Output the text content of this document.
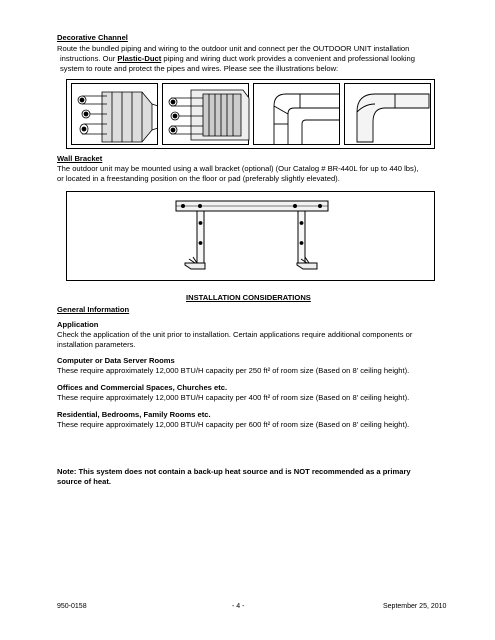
Decorative Channel
Route the bundled piping and wiring to the outdoor unit and connect per the OUTDOOR UNIT installation
instructions. Our Plastic-Duct piping and wiring duct work provides a convenient and professional looking
system to route and protect the pipes and wires. Please see the illustrations below:
Wall Bracket
The outdoor unit may be mounted using a wall bracket (optional) (Our Catalog # BR-440L for up to 440 lbs),
or located in a freestanding position on the floor or pad (preferably slightly elevated).
INSTALLATION CONSIDERATIONS
General Information
Application
Check the application of the unit prior to installation. Certain applications require additional components or
installation parameters.
Computer or Data Server Rooms
These require approximately 12,000 BTU/H capacity per 250 ft² of room size (Based on 8' ceiling height).
Offices and Commercial Spaces, Churches etc.
These require approximately 12,000 BTU/H capacity per 400 ft² of room size (Based on 8' ceiling height).
Residential, Bedrooms, Family Rooms etc.
These require approximately 12,000 BTU/H capacity per 600 ft² of room size (Based on 8' ceiling height).
Note: This system does not contain a back-up heat source and is NOT recommended as a primary
source of heat.
950-0158	- 4 -	September 25, 2010
